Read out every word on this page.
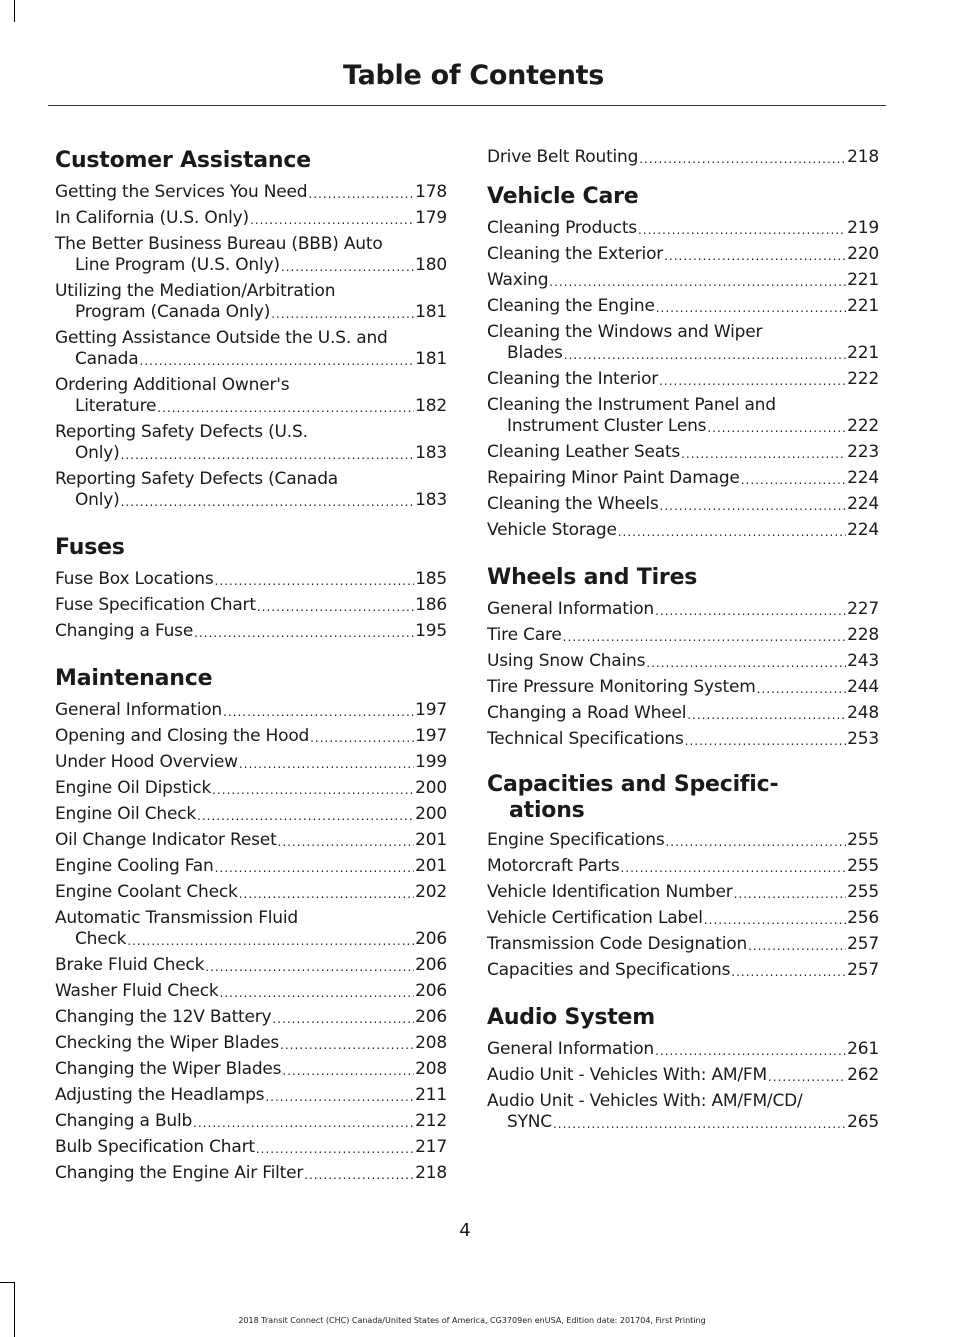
Table of Contents
Customer Assistance
Getting the Services You Need .....	178
In California (U.S. Only) .....	179
The Better Business Bureau (BBB) Auto
Line Program (U.S. Only) .....	180
Utilizing the Mediation/Arbitration
Program (Canada Only) .....	181
Getting Assistance Outside the U.S. and
Canada .....	181
Ordering Additional Owner's
Literature .....	182
Reporting Safety Defects (U.S.
Only) .....	183
Reporting Safety Defects (Canada
Only) .....	183
Fuses
Fuse Box Locations .....	185
Fuse Specification Chart .....	186
Changing a Fuse .....	195
Maintenance
General Information .....	197
Opening and Closing the Hood .....	197
Under Hood Overview .....	199
Engine Oil Dipstick .....	200
Engine Oil Check .....	200
Oil Change Indicator Reset .....	201
Engine Cooling Fan .....	201
Engine Coolant Check .....	202
Automatic Transmission Fluid
Check .....	206
Brake Fluid Check .....	206
Washer Fluid Check .....	206
Changing the 12V Battery .....	206
Checking the Wiper Blades .....	208
Changing the Wiper Blades .....	208
Adjusting the Headlamps .....	211
Changing a Bulb .....	212
Bulb Specification Chart .....	217
Changing the Engine Air Filter .....	218
Drive Belt Routing .....	218
Vehicle Care
Cleaning Products .....	219
Cleaning the Exterior .....	220
Waxing .....	221
Cleaning the Engine .....	221
Cleaning the Windows and Wiper
Blades .....	221
Cleaning the Interior .....	222
Cleaning the Instrument Panel and
Instrument Cluster Lens .....	222
Cleaning Leather Seats .....	223
Repairing Minor Paint Damage .....	224
Cleaning the Wheels .....	224
Vehicle Storage .....	224
Wheels and Tires
General Information .....	227
Tire Care .....	228
Using Snow Chains .....	243
Tire Pressure Monitoring System .....	244
Changing a Road Wheel .....	248
Technical Specifications .....	253
Capacities and Specific-
ations
Engine Specifications .....	255
Motorcraft Parts .....	255
Vehicle Identification Number .....	255
Vehicle Certification Label .....	256
Transmission Code Designation .....	257
Capacities and Specifications .....	257
Audio System
General Information .....	261
Audio Unit - Vehicles With: AM/FM .....	262
Audio Unit - Vehicles With: AM/FM/CD/
SYNC .....	265
4
2018 Transit Connect (CHC) Canada/United States of America, CG3709en enUSA, Edition date: 201704, First Printing
